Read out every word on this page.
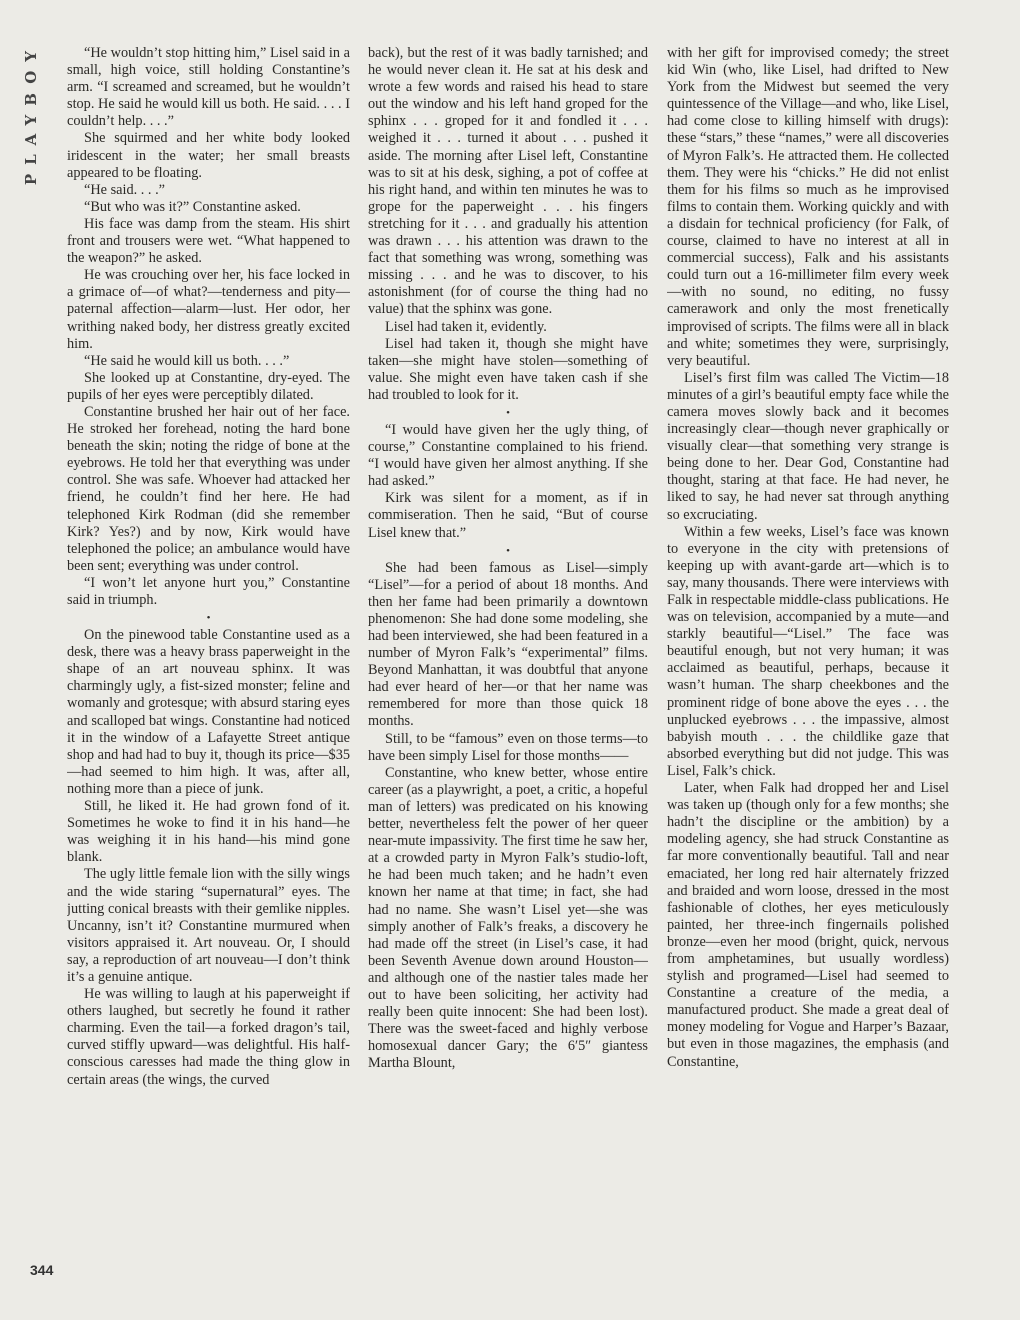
PLAYBOY	“He wouldn’t stop hitting him,” Lisel said in a small, high voice, still holding Constantine’s arm. “I screamed and screamed, but he wouldn’t stop. He said he would kill us both. He said. . . . I couldn’t help. . . .”

She squirmed and her white body looked iridescent in the water; her small breasts appeared to be floating.

“He said. . . .”

“But who was it?” Constantine asked.

His face was damp from the steam. His shirt front and trousers were wet. “What happened to the weapon?” he asked.

He was crouching over her, his face locked in a grimace of—of what?—tenderness and pity—paternal affection—alarm—lust. Her odor, her writhing naked body, her distress greatly excited him.

“He said he would kill us both. . . .”

She looked up at Constantine, dry-eyed. The pupils of her eyes were perceptibly dilated.

Constantine brushed her hair out of her face. He stroked her forehead, noting the hard bone beneath the skin; noting the ridge of bone at the eyebrows. He told her that everything was under control. She was safe. Whoever had attacked her friend, he couldn’t find her here. He had telephoned Kirk Rodman (did she remember Kirk? Yes?) and by now, Kirk would have telephoned the police; an ambulance would have been sent; everything was under control.

“I won’t let anyone hurt you,” Constantine said in triumph.

•

On the pinewood table Constantine used as a desk, there was a heavy brass paperweight in the shape of an art nouveau sphinx. It was charmingly ugly, a fist-sized monster; feline and womanly and grotesque; with absurd staring eyes and scalloped bat wings. Constantine had noticed it in the window of a Lafayette Street antique shop and had had to buy it, though its price—$35—had seemed to him high. It was, after all, nothing more than a piece of junk.

Still, he liked it. He had grown fond of it. Sometimes he woke to find it in his hand—he was weighing it in his hand—his mind gone blank.

The ugly little female lion with the silly wings and the wide staring “supernatural” eyes. The jutting conical breasts with their gemlike nipples. Uncanny, isn’t it? Constantine murmured when visitors appraised it. Art nouveau. Or, I should say, a reproduction of art nouveau—I don’t think it’s a genuine antique.

He was willing to laugh at his paperweight if others laughed, but secretly he found it rather charming. Even the tail—a forked dragon’s tail, curved stiffly upward—was delightful. His half-conscious caresses had made the thing glow in certain areas (the wings, the curved

back), but the rest of it was badly tarnished; and he would never clean it. He sat at his desk and wrote a few words and raised his head to stare out the window and his left hand groped for the sphinx . . . groped for it and fondled it . . . weighed it . . . turned it about . . . pushed it aside. The morning after Lisel left, Constantine was to sit at his desk, sighing, a pot of coffee at his right hand, and within ten minutes he was to grope for the paperweight . . . his fingers stretching for it . . . and gradually his attention was drawn . . . his attention was drawn to the fact that something was wrong, something was missing . . . and he was to discover, to his astonishment (for of course the thing had no value) that the sphinx was gone.

Lisel had taken it, evidently.

Lisel had taken it, though she might have taken—she might have stolen—something of value. She might even have taken cash if she had troubled to look for it.

•

“I would have given her the ugly thing, of course,” Constantine complained to his friend. “I would have given her almost anything. If she had asked.”

Kirk was silent for a moment, as if in commiseration. Then he said, “But of course Lisel knew that.”

•

She had been famous as Lisel—simply “Lisel”—for a period of about 18 months. And then her fame had been primarily a downtown phenomenon: She had done some modeling, she had been interviewed, she had been featured in a number of Myron Falk’s “experimental” films. Beyond Manhattan, it was doubtful that anyone had ever heard of her—or that her name was remembered for more than those quick 18 months.

Still, to be “famous” even on those terms—to have been simply Lisel for those months——

Constantine, who knew better, whose entire career (as a playwright, a poet, a critic, a hopeful man of letters) was predicated on his knowing better, nevertheless felt the power of her queer near-mute impassivity. The first time he saw her, at a crowded party in Myron Falk’s studio-loft, he had been much taken; and he hadn’t even known her name at that time; in fact, she had had no name. She wasn’t Lisel yet—she was simply another of Falk’s freaks, a discovery he had made off the street (in Lisel’s case, it had been Seventh Avenue down around Houston—and although one of the nastier tales made her out to have been soliciting, her activity had really been quite innocent: She had been lost). There was the sweet-faced and highly verbose homosexual dancer Gary; the 6′5″ giantess Martha Blount,

with her gift for improvised comedy; the street kid Win (who, like Lisel, had drifted to New York from the Midwest but seemed the very quintessence of the Village—and who, like Lisel, had come close to killing himself with drugs): these “stars,” these “names,” were all discoveries of Myron Falk’s. He attracted them. He collected them. They were his “chicks.” He did not enlist them for his films so much as he improvised films to contain them. Working quickly and with a disdain for technical proficiency (for Falk, of course, claimed to have no interest at all in commercial success), Falk and his assistants could turn out a 16-millimeter film every week—with no sound, no editing, no fussy camerawork and only the most frenetically improvised of scripts. The films were all in black and white; sometimes they were, surprisingly, very beautiful.

Lisel’s first film was called The Victim—18 minutes of a girl’s beautiful empty face while the camera moves slowly back and it becomes increasingly clear—though never graphically or visually clear—that something very strange is being done to her. Dear God, Constantine had thought, staring at that face. He had never, he liked to say, he had never sat through anything so excruciating.

Within a few weeks, Lisel’s face was known to everyone in the city with pretensions of keeping up with avant-garde art—which is to say, many thousands. There were interviews with Falk in respectable middle-class publications. He was on television, accompanied by a mute—and starkly beautiful—“Lisel.” The face was beautiful enough, but not very human; it was acclaimed as beautiful, perhaps, because it wasn’t human. The sharp cheekbones and the prominent ridge of bone above the eyes . . . the unplucked eyebrows . . . the impassive, almost babyish mouth . . . the childlike gaze that absorbed everything but did not judge. This was Lisel, Falk’s chick.

Later, when Falk had dropped her and Lisel was taken up (though only for a few months; she hadn’t the discipline or the ambition) by a modeling agency, she had struck Constantine as far more conventionally beautiful. Tall and near emaciated, her long red hair alternately frizzed and braided and worn loose, dressed in the most fashionable of clothes, her eyes meticulously painted, her three-inch fingernails polished bronze—even her mood (bright, quick, nervous from amphetamines, but usually wordless) stylish and programed—Lisel had seemed to Constantine a creature of the media, a manufactured product. She made a great deal of money modeling for Vogue and Harper’s Bazaar, but even in those magazines, the emphasis (and Constantine,

344
